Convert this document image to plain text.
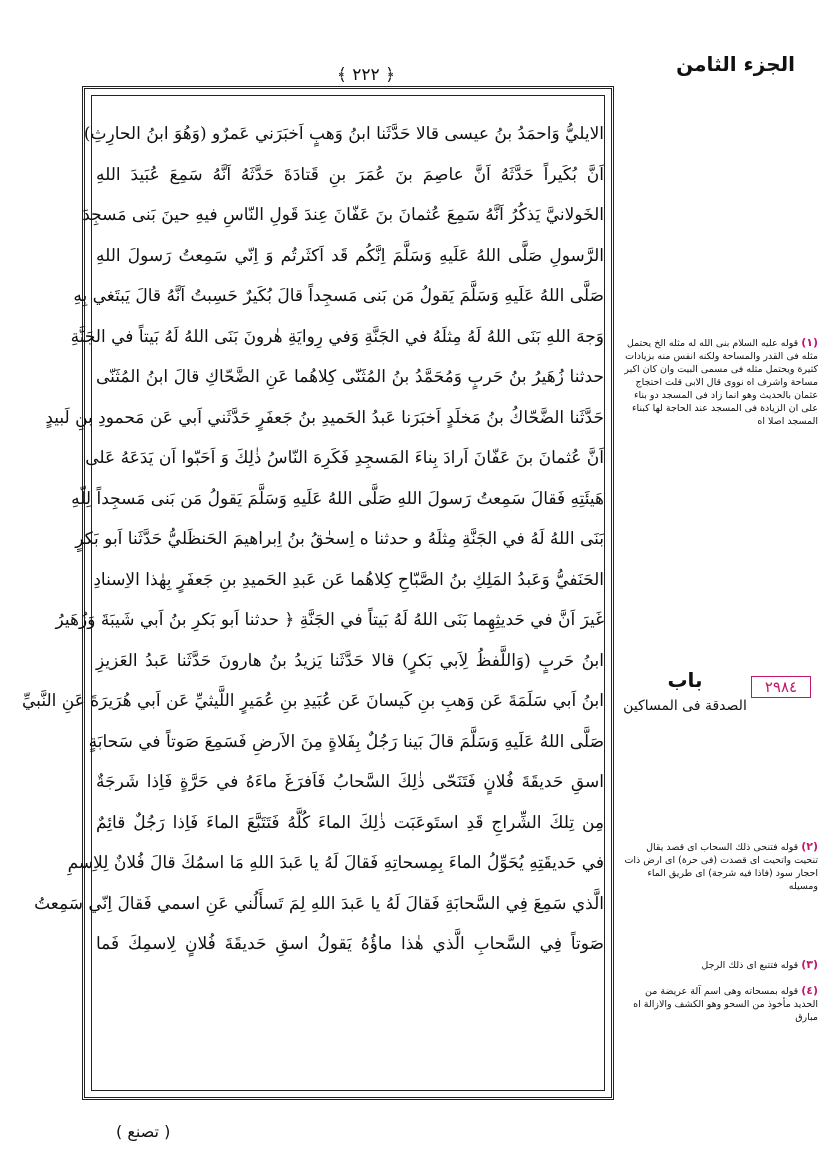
الجزء الثامن
﴿ ٢٢٢ ﴾
الايليُّ وَاحمَدُ بنُ عيسى قالا حَدَّثَنا ابنُ وَهبٍ اَخبَرَني عَمرٌو (وَهُوَ ابنُ الحارِثِ)
اَنَّ بُكَيراً حَدَّثَهُ اَنَّ عاصِمَ بنَ عُمَرَ بنِ قَتادَةَ حَدَّثَهُ اَنَّهُ سَمِعَ عُبَيدَ اللهِ
الخَولانيَّ يَذكُرُ اَنَّهُ سَمِعَ عُثمانَ بنَ عَفّانَ عِندَ قَولِ النّاسِ فيهِ حينَ بَنى مَسجِدَ
الرَّسولِ صَلَّى اللهُ عَلَيهِ وَسَلَّمَ اِنَّكُم قَد اَكثَرتُم وَ اِنّي سَمِعتُ رَسولَ اللهِ
صَلَّى اللهُ عَلَيهِ وَسَلَّمَ يَقولُ مَن بَنى مَسجِداً قالَ بُكَيرٌ حَسِبتُ اَنَّهُ قالَ يَبتَغي بِهِ
وَجهَ اللهِ بَنَى اللهُ لَهُ مِثلَهُ في الجَنَّةِ وَفي رِوايَةِ هٰرونَ بَنَى اللهُ لَهُ بَيتاً في الجَنَّةِ
حدثنا زُهَيرُ بنُ حَربٍ وَمُحَمَّدُ بنُ المُثَنّى كِلاهُما عَنِ الضَّحّاكِ قالَ ابنُ المُثَنّى
حَدَّثَنا الضَّحّاكُ بنُ مَخلَدٍ اَخبَرَنا عَبدُ الحَميدِ بنُ جَعفَرٍ حَدَّثَني اَبي عَن مَحمودِ بنِ لَبيدٍ
اَنَّ عُثمانَ بنَ عَفّانَ اَرادَ بِناءَ المَسجِدِ فَكَرِهَ النّاسُ ذٰلِكَ وَ اَحَبّوا اَن يَدَعَهُ عَلى
هَيئَتِهِ فَقالَ سَمِعتُ رَسولَ اللهِ صَلَّى اللهُ عَلَيهِ وَسَلَّمَ يَقولُ مَن بَنى مَسجِداً لِلّهِ
بَنَى اللهُ لَهُ في الجَنَّةِ مِثلَهُ و حدثنا ه اِسحٰقُ بنُ اِبراهيمَ الحَنظَليُّ حَدَّثَنا اَبو بَكرٍ
الحَنَفيُّ وَعَبدُ المَلِكِ بنُ الصَّبّاحِ كِلاهُما عَن عَبدِ الحَميدِ بنِ جَعفَرٍ بِهٰذا الاِسنادِ
غَيرَ اَنَّ في حَديثِهِما بَنَى اللهُ لَهُ بَيتاً في الجَنَّةِ ﴿ حدثنا اَبو بَكرِ بنُ اَبي شَيبَةَ وَزُهَيرُ
ابنُ حَربٍ (وَاللَّفظُ لِاَبي بَكرٍ) قالا حَدَّثَنا يَزيدُ بنُ هارونَ حَدَّثَنا عَبدُ العَزيزِ
ابنُ اَبي سَلَمَةَ عَن وَهبِ بنِ كَيسانَ عَن عُبَيدِ بنِ عُمَيرٍ اللَّيثيِّ عَن اَبي هُرَيرَةَ عَنِ النَّبيِّ
صَلَّى اللهُ عَلَيهِ وَسَلَّمَ قالَ بَينا رَجُلٌ بِفَلاةٍ مِنَ الاَرضِ فَسَمِعَ صَوتاً في سَحابَةٍ
اسقِ حَديقَةَ فُلانٍ فَتَنَحّى ذٰلِكَ السَّحابُ فَاَفرَغَ ماءَهُ في حَرَّةٍ فَاِذا شَرجَةٌ
مِن تِلكَ الشِّراجِ قَدِ استَوعَبَت ذٰلِكَ الماءَ كُلَّهُ فَتَتَبَّعَ الماءَ فَاِذا رَجُلٌ قائِمٌ
في حَديقَتِهِ يُحَوِّلُ الماءَ بِمِسحاتِهِ فَقالَ لَهُ يا عَبدَ اللهِ مَا اسمُكَ قالَ فُلانٌ لِلاِسمِ
الَّذي سَمِعَ فِي السَّحابَةِ فَقالَ لَهُ يا عَبدَ اللهِ لِمَ تَسأَلُني عَنِ اسمي فَقالَ اِنّي سَمِعتُ
صَوتاً فِي السَّحابِ الَّذي هٰذا ماؤُهُ يَقولُ اسقِ حَديقَةَ فُلانٍ لِاسمِكَ فَما
(١) قوله عليه السلام بنى الله له مثله الخ يحتمل مثله فى القدر والمساحة ولكنه انفس منه بزيادات كثيرة ويحتمل مثله فى مسمى البيت وان كان اكبر مساحة واشرف اه نووى قال الابى قلت احتجاج عثمان بالحديث وهو انما زاد فى المسجد دو بناء على ان الزيادة فى المسجد عند الحاجة لها كبناء المسجد اصلا اه
باب
الصدقة فى المساكين
٢٩٨٤
(٢) قوله فتنحى ذلك السحاب اى قصد يقال تنحيت واتحيت اى قصدت (فى حرة) اى ارض ذات احجار سود (فاذا فيه شرجة) اى طريق الماء ومسيله
(٣) قوله فتتبع اى ذلك الرجل
(٤) قوله بمسحاته وهى اسم آلة عريضة من الحديد مأخوذ من السحو وهو الكشف والازالة اه مبارق
( تصنع )
